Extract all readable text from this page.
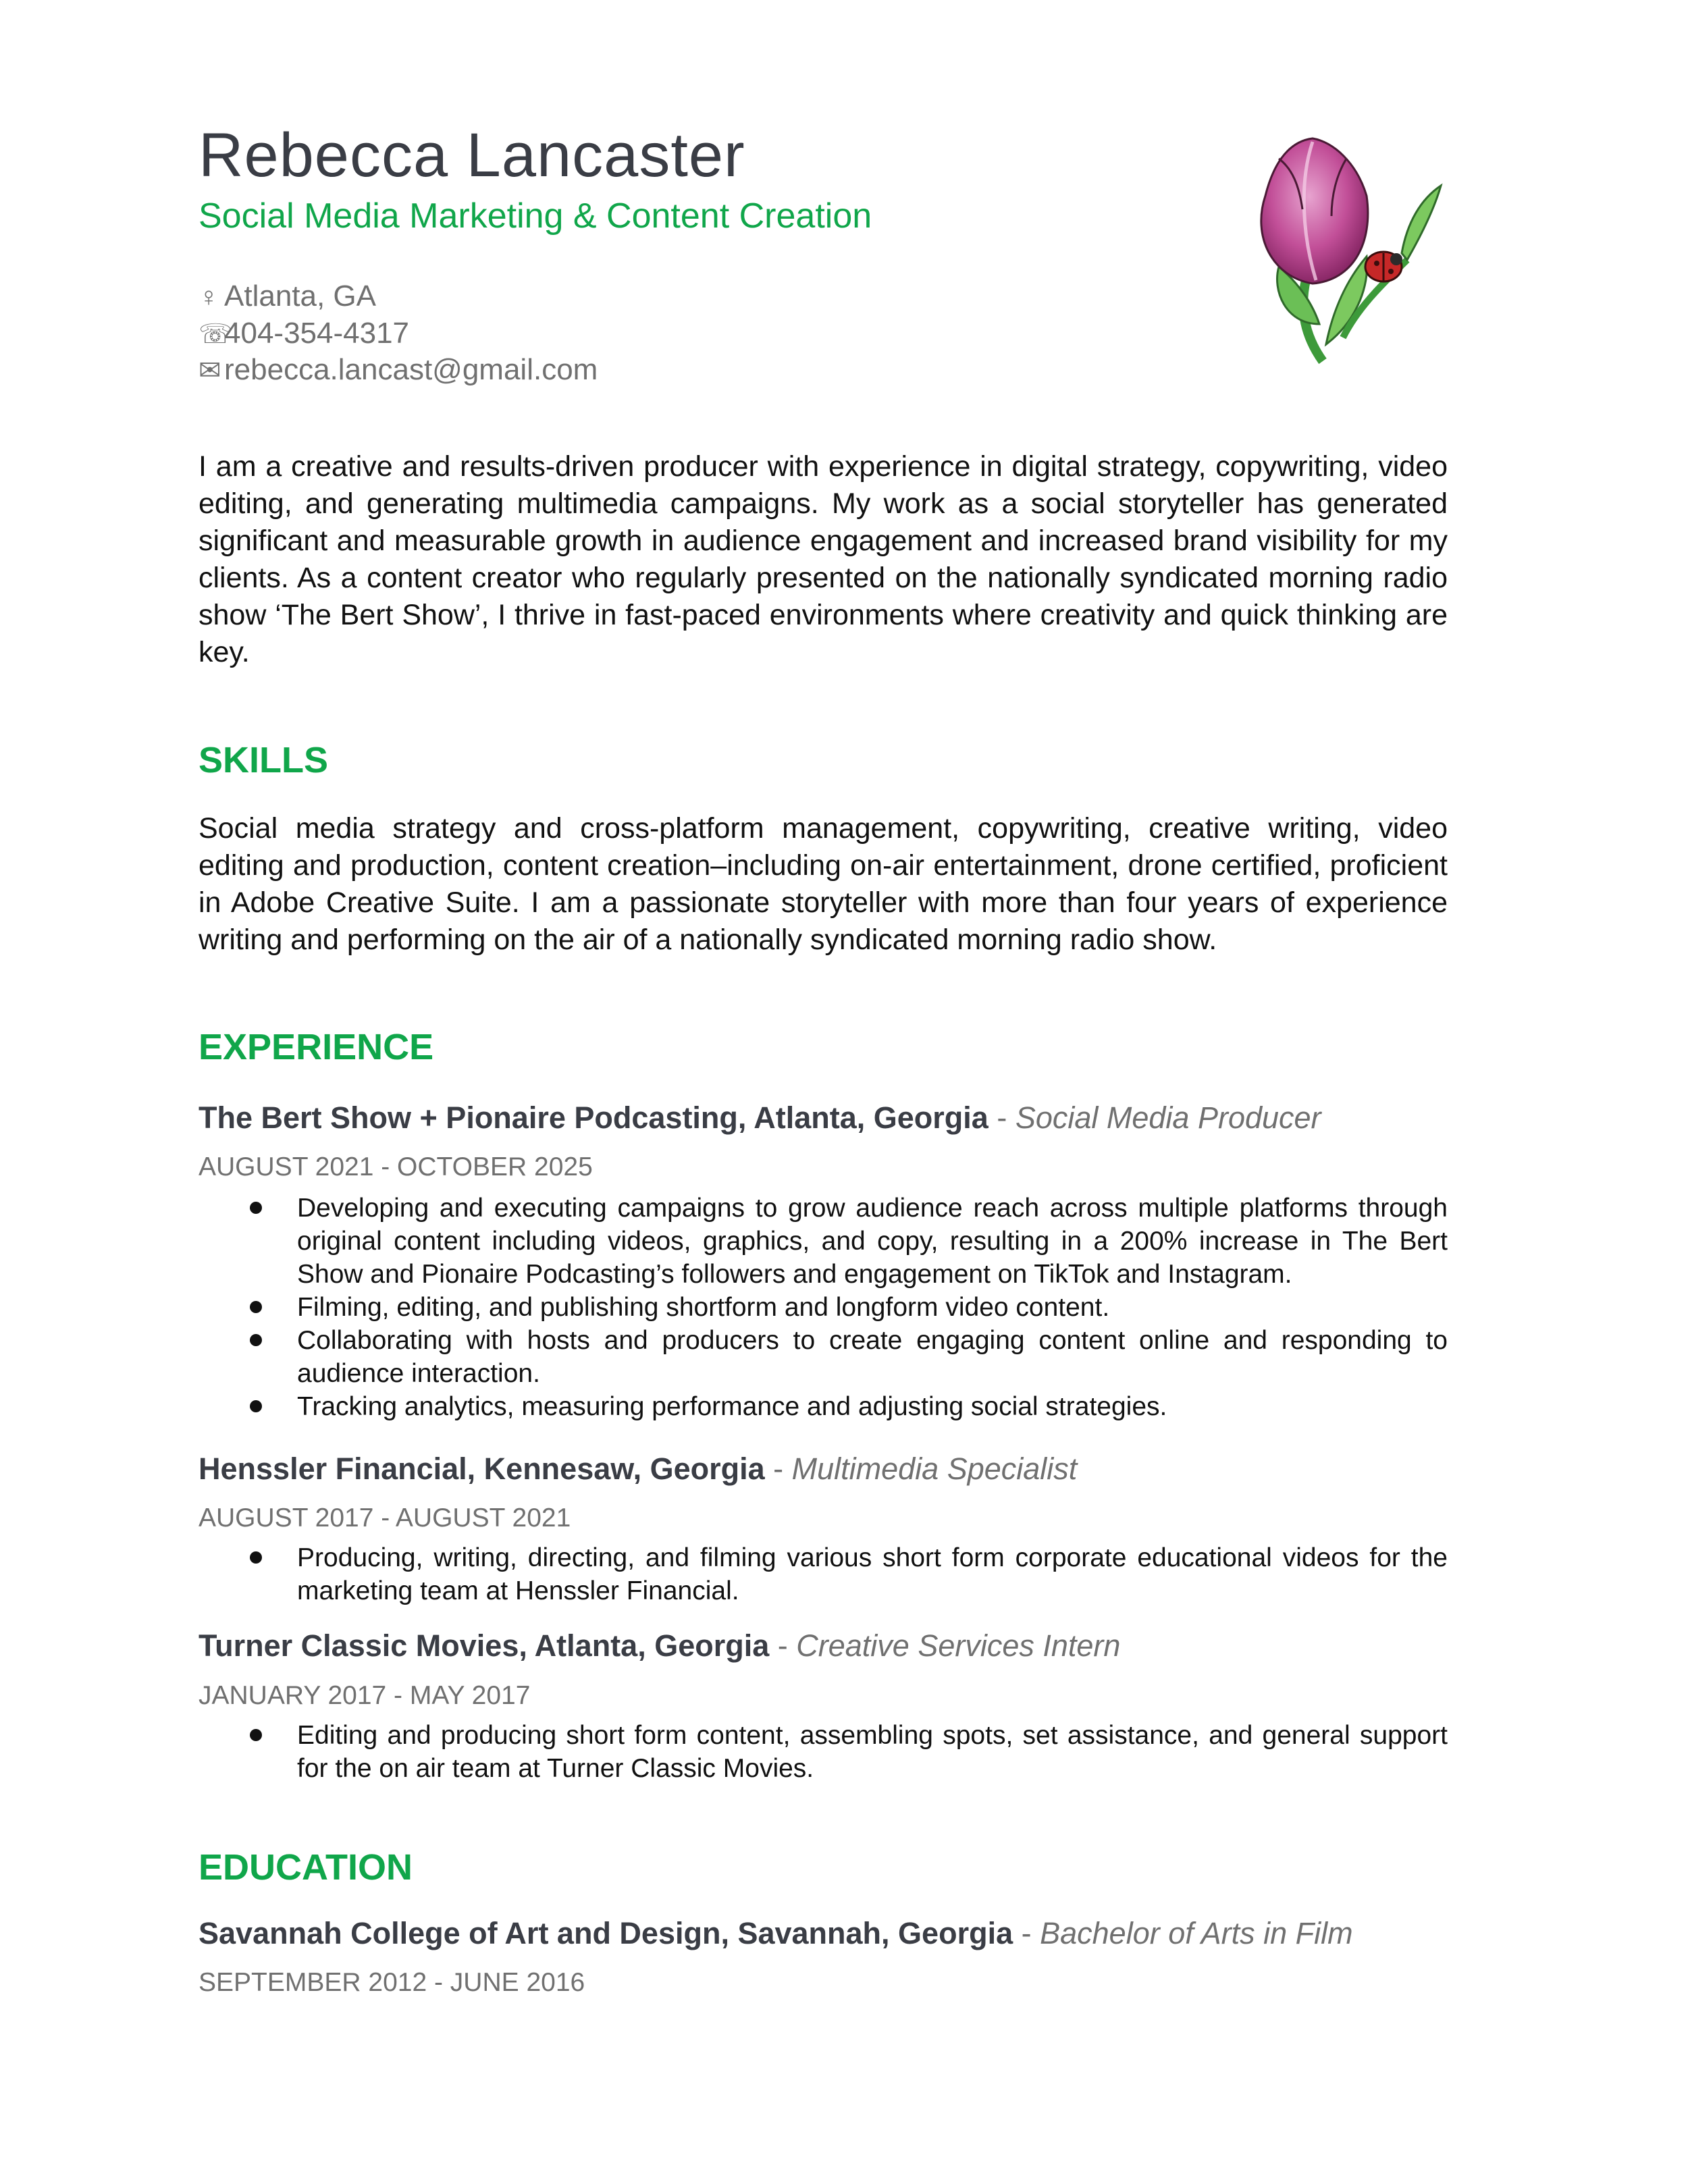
Rebecca Lancaster
Social Media Marketing & Content Creation
♀ Atlanta, GA
☏404-354-4317
✉ rebecca.lancast@gmail.com
I am a creative and results-driven producer with experience in digital strategy, copywriting, video editing, and generating multimedia campaigns. My work as a social storyteller has generated significant and measurable growth in audience engagement and increased brand visibility for my clients. As a content creator who regularly presented on the nationally syndicated morning radio show ‘The Bert Show’, I thrive in fast-paced environments where creativity and quick thinking are key.
SKILLS
Social media strategy and cross-platform management, copywriting, creative writing, video editing and production, content creation–including on-air entertainment, drone certified, proficient in Adobe Creative Suite. I am a passionate storyteller with more than four years of experience writing and performing on the air of a nationally syndicated morning radio show.
EXPERIENCE
The Bert Show + Pionaire Podcasting, Atlanta, Georgia - Social Media Producer
AUGUST 2021 - OCTOBER 2025
Developing and executing campaigns to grow audience reach across multiple platforms through original content including videos, graphics, and copy, resulting in a 200% increase in The Bert Show and Pionaire Podcasting’s followers and engagement on TikTok and Instagram.
Filming, editing, and publishing shortform and longform video content.
Collaborating with hosts and producers to create engaging content online and responding to audience interaction.
Tracking analytics, measuring performance and adjusting social strategies.
Henssler Financial, Kennesaw, Georgia - Multimedia Specialist
AUGUST 2017 - AUGUST 2021
Producing, writing, directing, and filming various short form corporate educational videos for the marketing team at Henssler Financial.
Turner Classic Movies, Atlanta, Georgia - Creative Services Intern
JANUARY 2017 - MAY 2017
Editing and producing short form content, assembling spots, set assistance, and general support for the on air team at Turner Classic Movies.
EDUCATION
Savannah College of Art and Design, Savannah, Georgia - Bachelor of Arts in Film
SEPTEMBER 2012 - JUNE 2016
